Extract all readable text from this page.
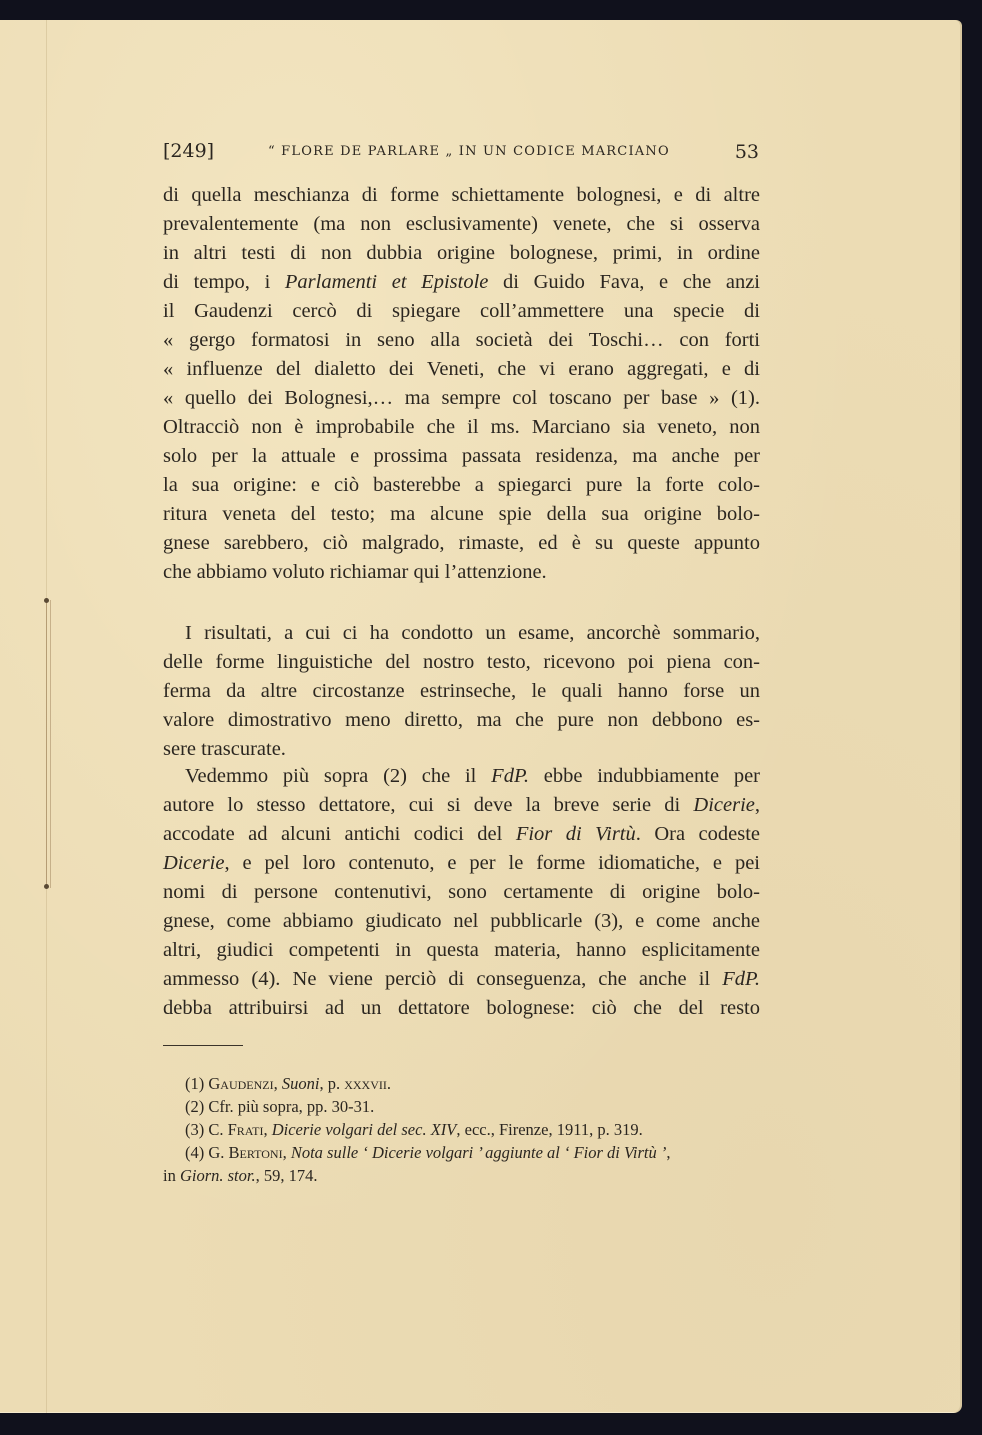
[249]	“ FLORE DE PARLARE „ IN UN CODICE MARCIANO	53
di quella meschianza di forme schiettamente bolognesi, e di altre
prevalentemente (ma non esclusivamente) venete, che si osserva
in altri testi di non dubbia origine bolognese, primi, in ordine
di tempo, i Parlamenti et Epistole di Guido Fava, e che anzi
il Gaudenzi cercò di spiegare coll’ammettere una specie di
« gergo formatosi in seno alla società dei Toschi… con forti
« influenze del dialetto dei Veneti, che vi erano aggregati, e di
« quello dei Bolognesi,… ma sempre col toscano per base » (1).
Oltracciò non è improbabile che il ms. Marciano sia veneto, non
solo per la attuale e prossima passata residenza, ma anche per
la sua origine: e ciò basterebbe a spiegarci pure la forte colo-
ritura veneta del testo; ma alcune spie della sua origine bolo-
gnese sarebbero, ciò malgrado, rimaste, ed è su queste appunto
che abbiamo voluto richiamar qui l’attenzione.
I risultati, a cui ci ha condotto un esame, ancorchè sommario,
delle forme linguistiche del nostro testo, ricevono poi piena con-
ferma da altre circostanze estrinseche, le quali hanno forse un
valore dimostrativo meno diretto, ma che pure non debbono es-
sere trascurate.
Vedemmo più sopra (2) che il FdP. ebbe indubbiamente per
autore lo stesso dettatore, cui si deve la breve serie di Dicerie,
accodate ad alcuni antichi codici del Fior di Virtù. Ora codeste
Dicerie, e pel loro contenuto, e per le forme idiomatiche, e pei
nomi di persone contenutivi, sono certamente di origine bolo-
gnese, come abbiamo giudicato nel pubblicarle (3), e come anche
altri, giudici competenti in questa materia, hanno esplicitamente
ammesso (4). Ne viene perciò di conseguenza, che anche il FdP.
debba attribuirsi ad un dettatore bolognese: ciò che del resto
(1) Gaudenzi, Suoni, p. xxxvii.
(2) Cfr. più sopra, pp. 30-31.
(3) C. Frati, Dicerie volgari del sec. XIV, ecc., Firenze, 1911, p. 319.
(4) G. Bertoni, Nota sulle ‘ Dicerie volgari ’ aggiunte al ‘ Fior di Virtù ’,
in Giorn. stor., 59, 174.
